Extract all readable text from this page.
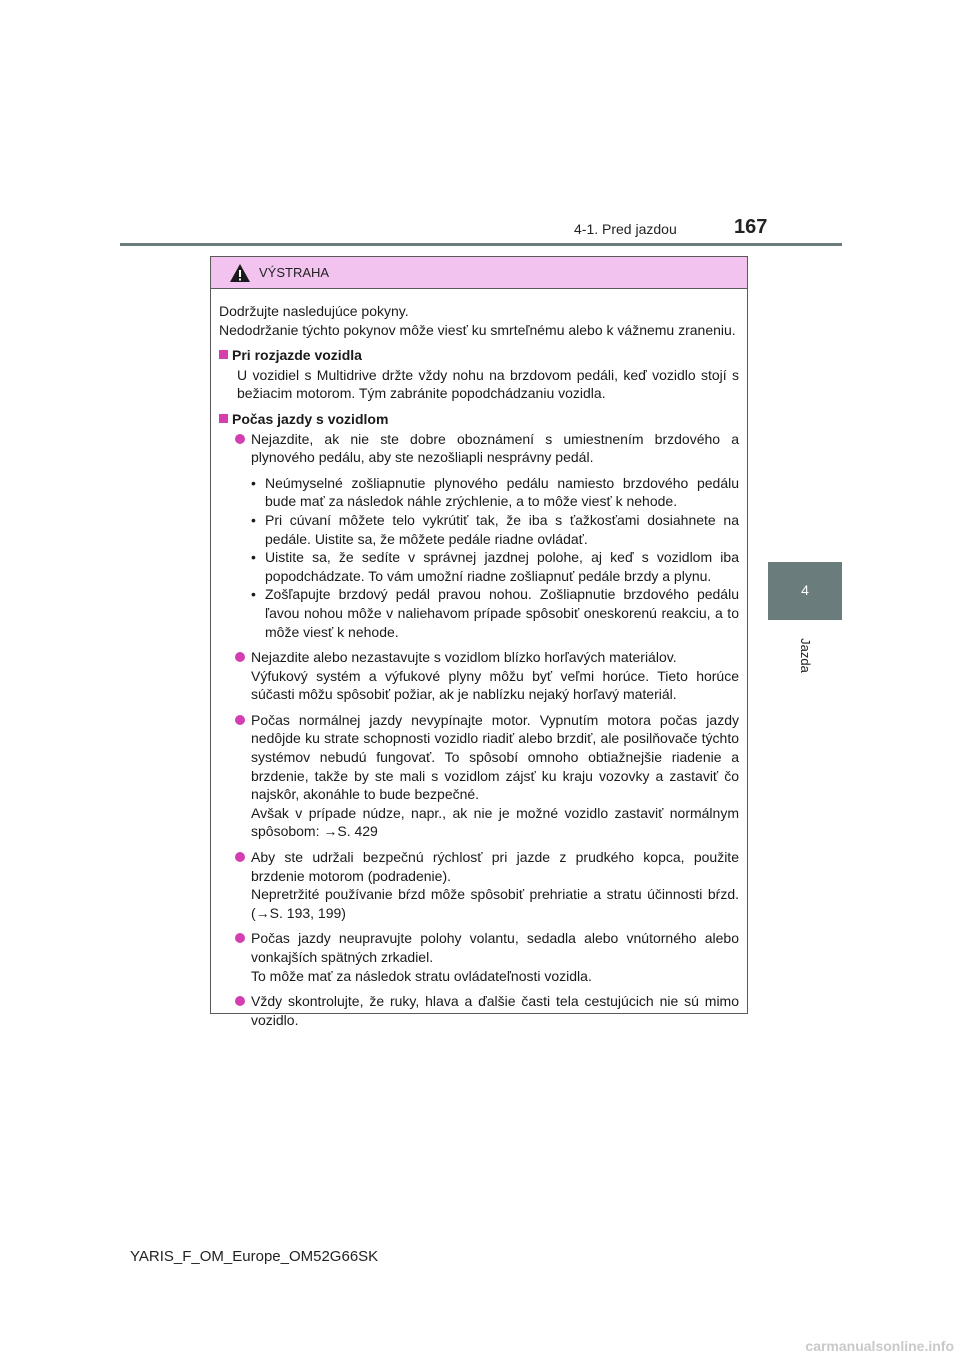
4-1. Pred jazdou	167
4
Jazda
VÝSTRAHA
Dodržujte nasledujúce pokyny.
Nedodržanie týchto pokynov môže viesť ku smrteľnému alebo k vážnemu zraneniu.
Pri rozjazde vozidla
U vozidiel s Multidrive držte vždy nohu na brzdovom pedáli, keď vozidlo stojí s bežiacim motorom. Tým zabránite popodchádzaniu vozidla.
Počas jazdy s vozidlom
Nejazdite, ak nie ste dobre oboznámení s umiestnením brzdového a plynového pedálu, aby ste nezošliapli nesprávny pedál.
• Neúmyselné zošliapnutie plynového pedálu namiesto brzdového pedálu bude mať za následok náhle zrýchlenie, a to môže viesť k nehode.
• Pri cúvaní môžete telo vykrútiť tak, že iba s ťažkosťami dosiahnete na pedále. Uistite sa, že môžete pedále riadne ovládať.
• Uistite sa, že sedíte v správnej jazdnej polohe, aj keď s vozidlom iba popodchádzate. To vám umožní riadne zošliapnuť pedále brzdy a plynu.
• Zošľapujte brzdový pedál pravou nohou. Zošliapnutie brzdového pedálu ľavou nohou môže v naliehavom prípade spôsobiť oneskorenú reakciu, a to môže viesť k nehode.
Nejazdite alebo nezastavujte s vozidlom blízko horľavých materiálov.
Výfukový systém a výfukové plyny môžu byť veľmi horúce. Tieto horúce súčasti môžu spôsobiť požiar, ak je nablízku nejaký horľavý materiál.
Počas normálnej jazdy nevypínajte motor. Vypnutím motora počas jazdy nedôjde ku strate schopnosti vozidlo riadiť alebo brzdiť, ale posilňovače týchto systémov nebudú fungovať. To spôsobí omnoho obtiažnejšie riadenie a brzdenie, takže by ste mali s vozidlom zájsť ku kraju vozovky a zastaviť čo najskôr, akonáhle to bude bezpečné.
Avšak v prípade núdze, napr., ak nie je možné vozidlo zastaviť normálnym spôsobom: →S. 429
Aby ste udržali bezpečnú rýchlosť pri jazde z prudkého kopca, použite brzdenie motorom (podradenie).
Nepretržité používanie bŕzd môže spôsobiť prehriatie a stratu účinnosti bŕzd. (→S. 193, 199)
Počas jazdy neupravujte polohy volantu, sedadla alebo vnútorného alebo vonkajších spätných zrkadiel.
To môže mať za následok stratu ovládateľnosti vozidla.
Vždy skontrolujte, že ruky, hlava a ďalšie časti tela cestujúcich nie sú mimo vozidlo.
YARIS_F_OM_Europe_OM52G66SK
carmanualsonline.info
